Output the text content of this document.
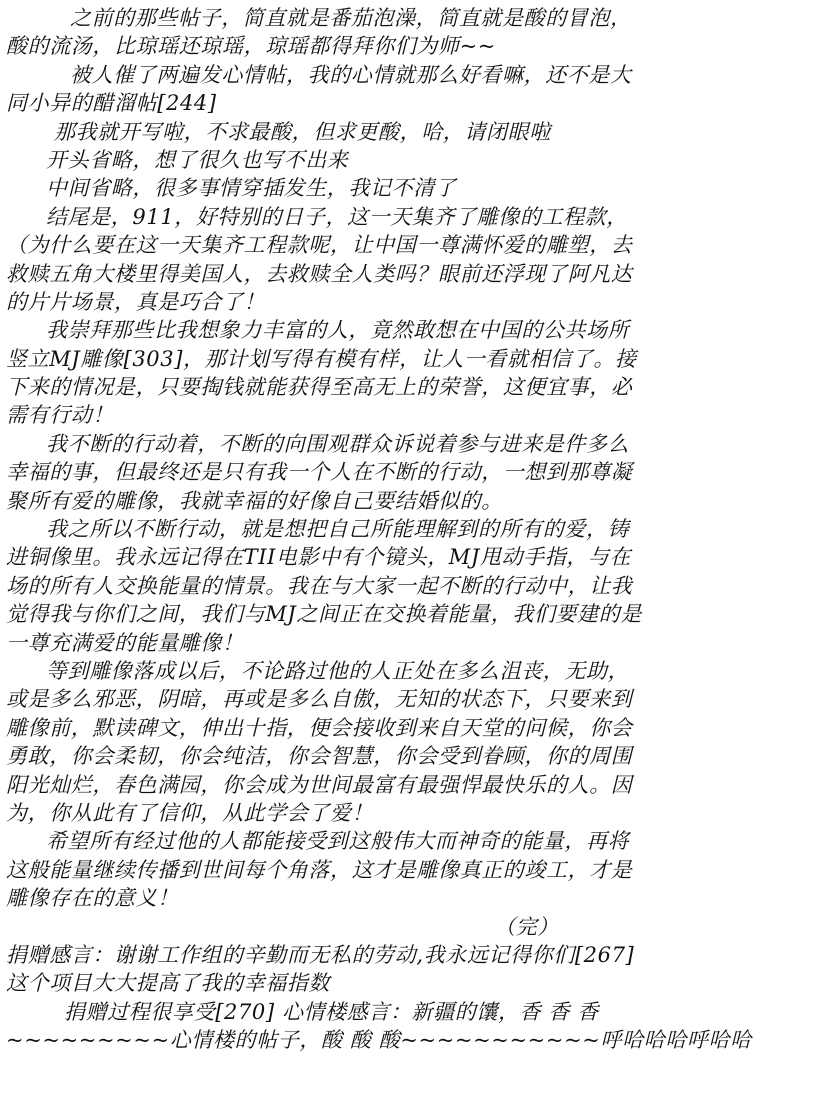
之前的那些帖子，简直就是番茄泡澡，简直就是酸的冒泡，
酸的流汤，比琼瑶还琼瑶，琼瑶都得拜你们为师~~
被人催了两遍发心情帖，我的心情就那么好看嘛，还不是大
同小异的醋溜帖[244]
那我就开写啦，不求最酸，但求更酸，哈，请闭眼啦
开头省略，想了很久也写不出来
中间省略，很多事情穿插发生，我记不清了
结尾是，911，好特别的日子，这一天集齐了雕像的工程款，
（为什么要在这一天集齐工程款呢，让中国一尊满怀爱的雕塑，去
救赎五角大楼里得美国人，去救赎全人类吗？眼前还浮现了阿凡达
的片片场景，真是巧合了！
我崇拜那些比我想象力丰富的人，竟然敢想在中国的公共场所
竖立MJ雕像[303]，那计划写得有模有样，让人一看就相信了。接
下来的情况是，只要掏钱就能获得至高无上的荣誉，这便宜事，必
需有行动！
我不断的行动着，不断的向围观群众诉说着参与进来是件多么
幸福的事，但最终还是只有我一个人在不断的行动，一想到那尊凝
聚所有爱的雕像，我就幸福的好像自己要结婚似的。
我之所以不断行动，就是想把自己所能理解到的所有的爱，铸
进铜像里。我永远记得在TII电影中有个镜头，MJ甩动手指，与在
场的所有人交换能量的情景。我在与大家一起不断的行动中，让我
觉得我与你们之间，我们与MJ之间正在交换着能量，我们要建的是
一尊充满爱的能量雕像！
等到雕像落成以后，不论路过他的人正处在多么沮丧，无助，
或是多么邪恶，阴暗，再或是多么自傲，无知的状态下，只要来到
雕像前，默读碑文，伸出十指，便会接收到来自天堂的问候，你会
勇敢，你会柔韧，你会纯洁，你会智慧，你会受到眷顾，你的周围
阳光灿烂，春色满园，你会成为世间最富有最强悍最快乐的人。因
为，你从此有了信仰，从此学会了爱！
希望所有经过他的人都能接受到这般伟大而神奇的能量，再将
这般能量继续传播到世间每个角落，这才是雕像真正的竣工，才是
雕像存在的意义！
（完）
捐赠感言：谢谢工作组的辛勤而无私的劳动,我永远记得你们[267]
这个项目大大提高了我的幸福指数
捐赠过程很享受[270] 心情楼感言：新疆的馕，香 香 香
~~~~~~~~~心情楼的帖子，酸 酸 酸~~~~~~~~~~~呼哈哈哈呼哈哈
